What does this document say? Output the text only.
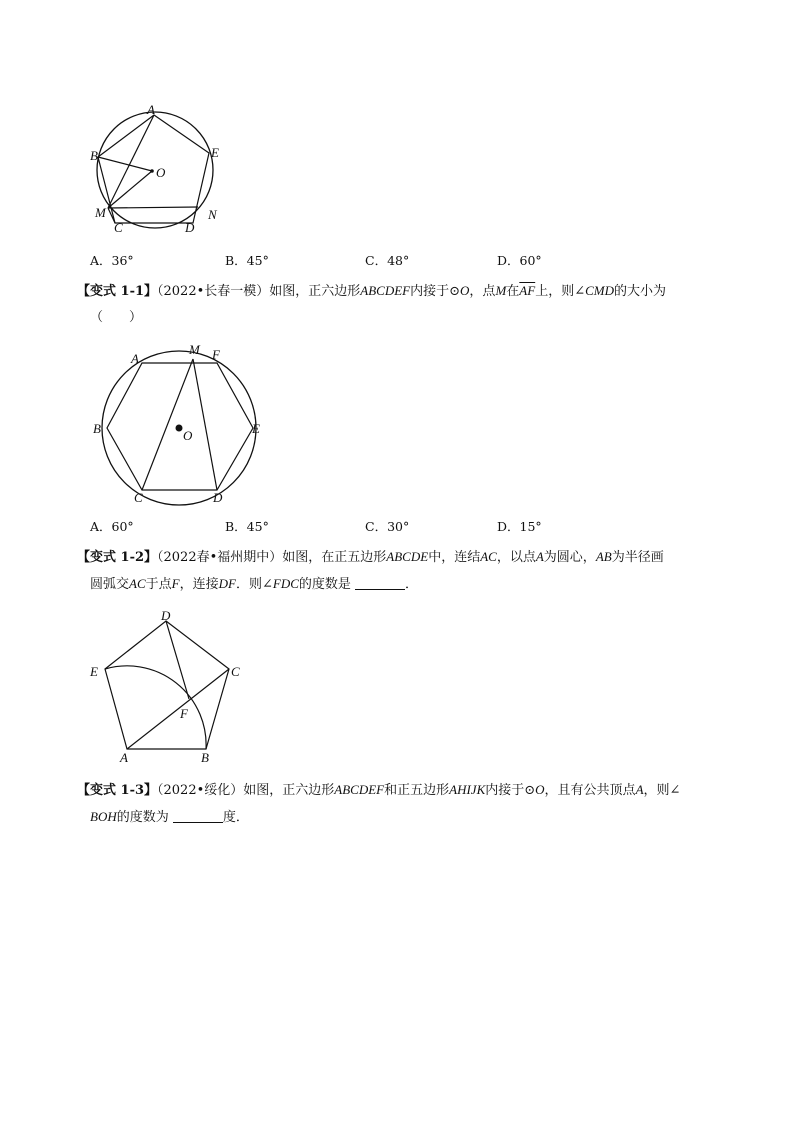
A
B
O
E
M
C	D
N
A．36°	B．45°	C．48°	D．60°
【变式 1-1】（2022•长春一模）如图，正六边形ABCDEF内接于⊙O，点M在$\overline{AF}$上，则∠CMD的大小为
（　　）
A
M F
B	O	E
C	D
A．60°	B．45°	C．30°	D．15°
【变式 1-2】（2022春•福州期中）如图，在正五边形ABCDE中，连结AC，以点A为圆心，AB为半径画
圆弧交AC于点F，连接DF．则∠FDC的度数是	．
D
E	C
F
A	B
【变式 1-3】（2022•绥化）如图，正六边形ABCDEF和正五边形AHIJK内接于⊙O，且有公共顶点A，则∠
BOH的度数为	度．
